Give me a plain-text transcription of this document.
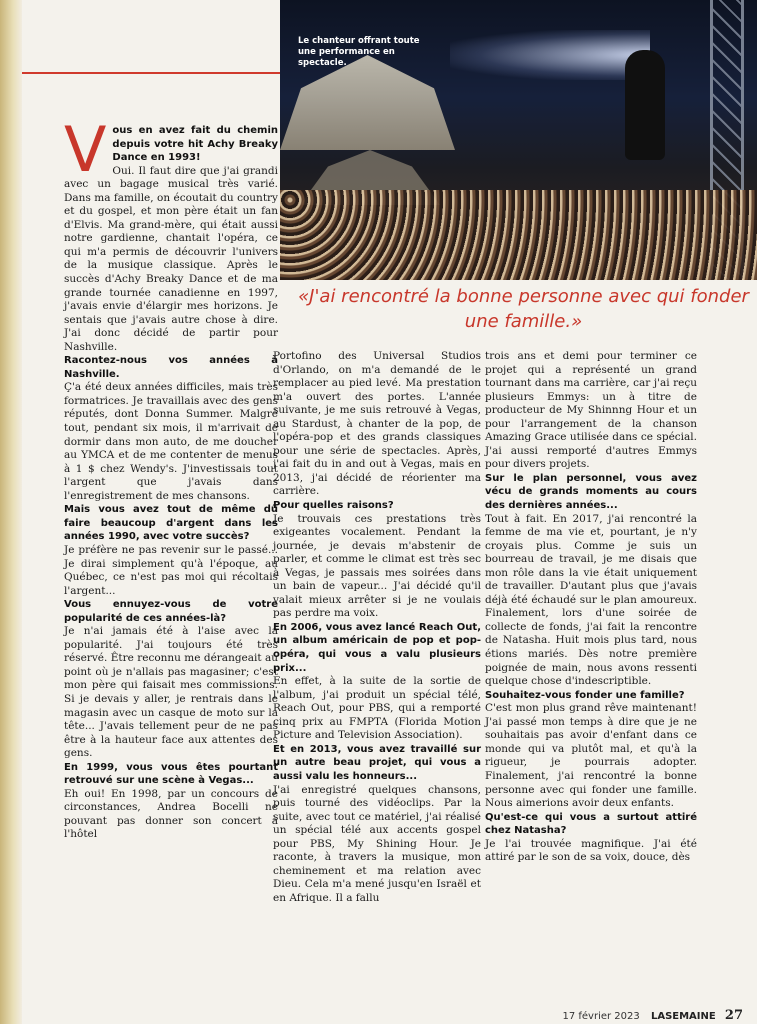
Le chanteur offrant toute une performance en spectacle.
«J'ai rencontré la bonne personne avec qui fonder une famille.»

Vous en avez fait du chemin depuis votre hit Achy Breaky Dance en 1993!

Oui. Il faut dire que j'ai grandi avec un bagage musical très varié. Dans ma famille, on écoutait du country et du gospel, et mon père était un fan d'Elvis. Ma grand-mère, qui était aussi notre gardienne, chantait l'opéra, ce qui m'a permis de découvrir l'univers de la musique classique. Après le succès d'Achy Breaky Dance et de ma grande tournée canadienne en 1997, j'avais envie d'élargir mes horizons. Je sentais que j'avais autre chose à dire. J'ai donc décidé de partir pour Nashville.

Racontez-nous vos années à Nashville.

Ç'a été deux années difficiles, mais très formatrices. Je travaillais avec des gens réputés, dont Donna Summer. Malgré tout, pendant six mois, il m'arrivait de dormir dans mon auto, de me doucher au YMCA et de me contenter de menus à 1 $ chez Wendy's. J'investissais tout l'argent que j'avais dans l'enregistrement de mes chansons.

Mais vous avez tout de même dû faire beaucoup d'argent dans les années 1990, avec votre succès?

Je préfère ne pas revenir sur le passé... Je dirai simplement qu'à l'époque, au Québec, ce n'est pas moi qui récoltais l'argent...

Vous ennuyez-vous de votre popularité de ces années-là?

Je n'ai jamais été à l'aise avec la popularité. J'ai toujours été très réservé. Être reconnu me dérangeait au point où je n'allais pas magasiner; c'est mon père qui faisait mes commissions. Si je devais y aller, je rentrais dans le magasin avec un casque de moto sur la tête... J'avais tellement peur de ne pas être à la hauteur face aux attentes des gens.

En 1999, vous vous êtes pourtant retrouvé sur une scène à Vegas...

Eh oui! En 1998, par un concours de circonstances, Andrea Bocelli ne pouvant pas donner son concert à l'hôtel

Portofino des Universal Studios d'Orlando, on m'a demandé de le remplacer au pied levé. Ma prestation m'a ouvert des portes. L'année suivante, je me suis retrouvé à Vegas, au Stardust, à chanter de la pop, de l'opéra-pop et des grands classiques pour une série de spectacles. Après, j'ai fait du in and out à Vegas, mais en 2013, j'ai décidé de réorienter ma carrière.

Pour quelles raisons?

Je trouvais ces prestations très exigeantes vocalement. Pendant la journée, je devais m'abstenir de parler, et comme le climat est très sec à Vegas, je passais mes soirées dans un bain de vapeur... J'ai décidé qu'il valait mieux arrêter si je ne voulais pas perdre ma voix.

En 2006, vous avez lancé Reach Out, un album américain de pop et pop-opéra, qui vous a valu plusieurs prix...

En effet, à la suite de la sortie de l'album, j'ai produit un spécial télé, Reach Out, pour PBS, qui a remporté cinq prix au FMPTA (Florida Motion Picture and Television Association).

Et en 2013, vous avez travaillé sur un autre beau projet, qui vous a aussi valu les honneurs...

J'ai enregistré quelques chansons, puis tourné des vidéoclips. Par la suite, avec tout ce matériel, j'ai réalisé un spécial télé aux accents gospel pour PBS, My Shining Hour. Je raconte, à travers la musique, mon cheminement et ma relation avec Dieu. Cela m'a mené jusqu'en Israël et en Afrique. Il a fallu

trois ans et demi pour terminer ce projet qui a représenté un grand tournant dans ma carrière, car j'ai reçu plusieurs Emmys: un à titre de producteur de My Shinnng Hour et un pour l'arrangement de la chanson Amazing Grace utilisée dans ce spécial. J'ai aussi remporté d'autres Emmys pour divers projets.

Sur le plan personnel, vous avez vécu de grands moments au cours des dernières années...

Tout à fait. En 2017, j'ai rencontré la femme de ma vie et, pourtant, je n'y croyais plus. Comme je suis un bourreau de travail, je me disais que mon rôle dans la vie était uniquement de travailler. D'autant plus que j'avais déjà été échaudé sur le plan amoureux. Finalement, lors d'une soirée de collecte de fonds, j'ai fait la rencontre de Natasha. Huit mois plus tard, nous étions mariés. Dès notre première poignée de main, nous avons ressenti quelque chose d'indescriptible.

Souhaitez-vous fonder une famille?

C'est mon plus grand rêve maintenant! J'ai passé mon temps à dire que je ne souhaitais pas avoir d'enfant dans ce monde qui va plutôt mal, et qu'à la rigueur, je pourrais adopter. Finalement, j'ai rencontré la bonne personne avec qui fonder une famille. Nous aimerions avoir deux enfants.

Qu'est-ce qui vous a surtout attiré chez Natasha?

Je l'ai trouvée magnifique. J'ai été attiré par le son de sa voix, douce, dès

17 février 2023 LASEMAINE 27
